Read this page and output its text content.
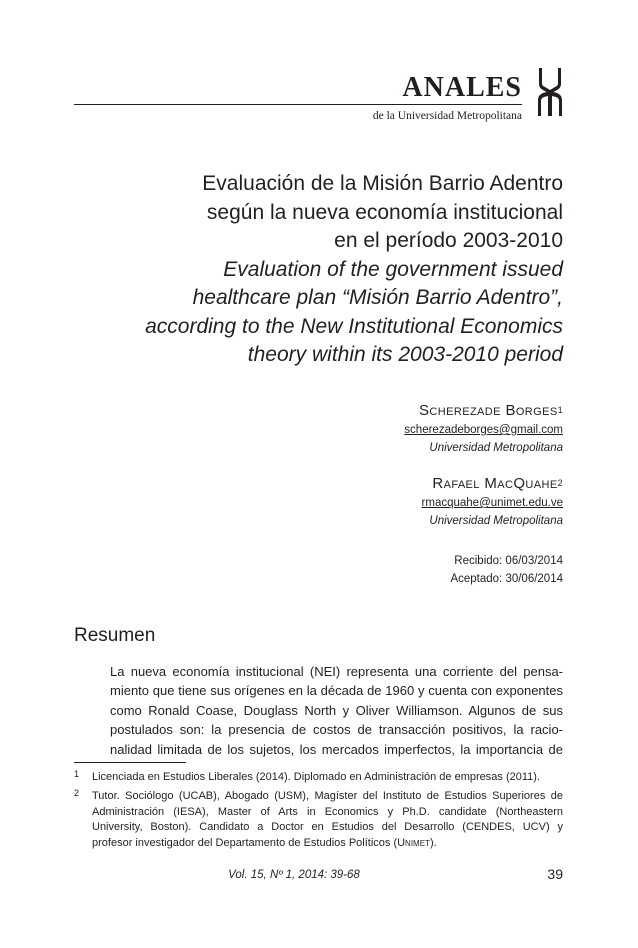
ANALES
de la Universidad Metropolitana
Evaluación de la Misión Barrio Adentro
según la nueva economía institucional
en el período 2003-2010
Evaluation of the government issued
healthcare plan “Misión Barrio Adentro”,
according to the New Institutional Economics
theory within its 2003-2010 period
Scherezade Borges$^1$
scherezadeborges@gmail.com
Universidad Metropolitana
Rafael MacQuahe$^2$
rmacquahe@unimet.edu.ve
Universidad Metropolitana
Recibido: 06/03/2014
Aceptado: 30/06/2014
Resumen
La nueva economía institucional (NEI) representa una corriente del pensa-
miento que tiene sus orígenes en la década de 1960 y cuenta con exponentes
como Ronald Coase, Douglass North y Oliver Williamson. Algunos de sus
postulados son: la presencia de costos de transacción positivos, la racio-
nalidad limitada de los sujetos, los mercados imperfectos, la importancia de
1 Licenciada en Estudios Liberales (2014). Diplomado en Administración de empresas (2011).
2 Tutor. Sociólogo (UCAB), Abogado (USM), Magíster del Instituto de Estudios Superiores de
Administración (IESA), Master of Arts in Economics y Ph.D. candidate (Northeastern
University, Boston). Candidato a Doctor en Estudios del Desarrollo (CENDES, UCV) y
profesor investigador del Departamento de Estudios Políticos (Unimet).
Vol. 15, Nº 1, 2014: 39-68	39
